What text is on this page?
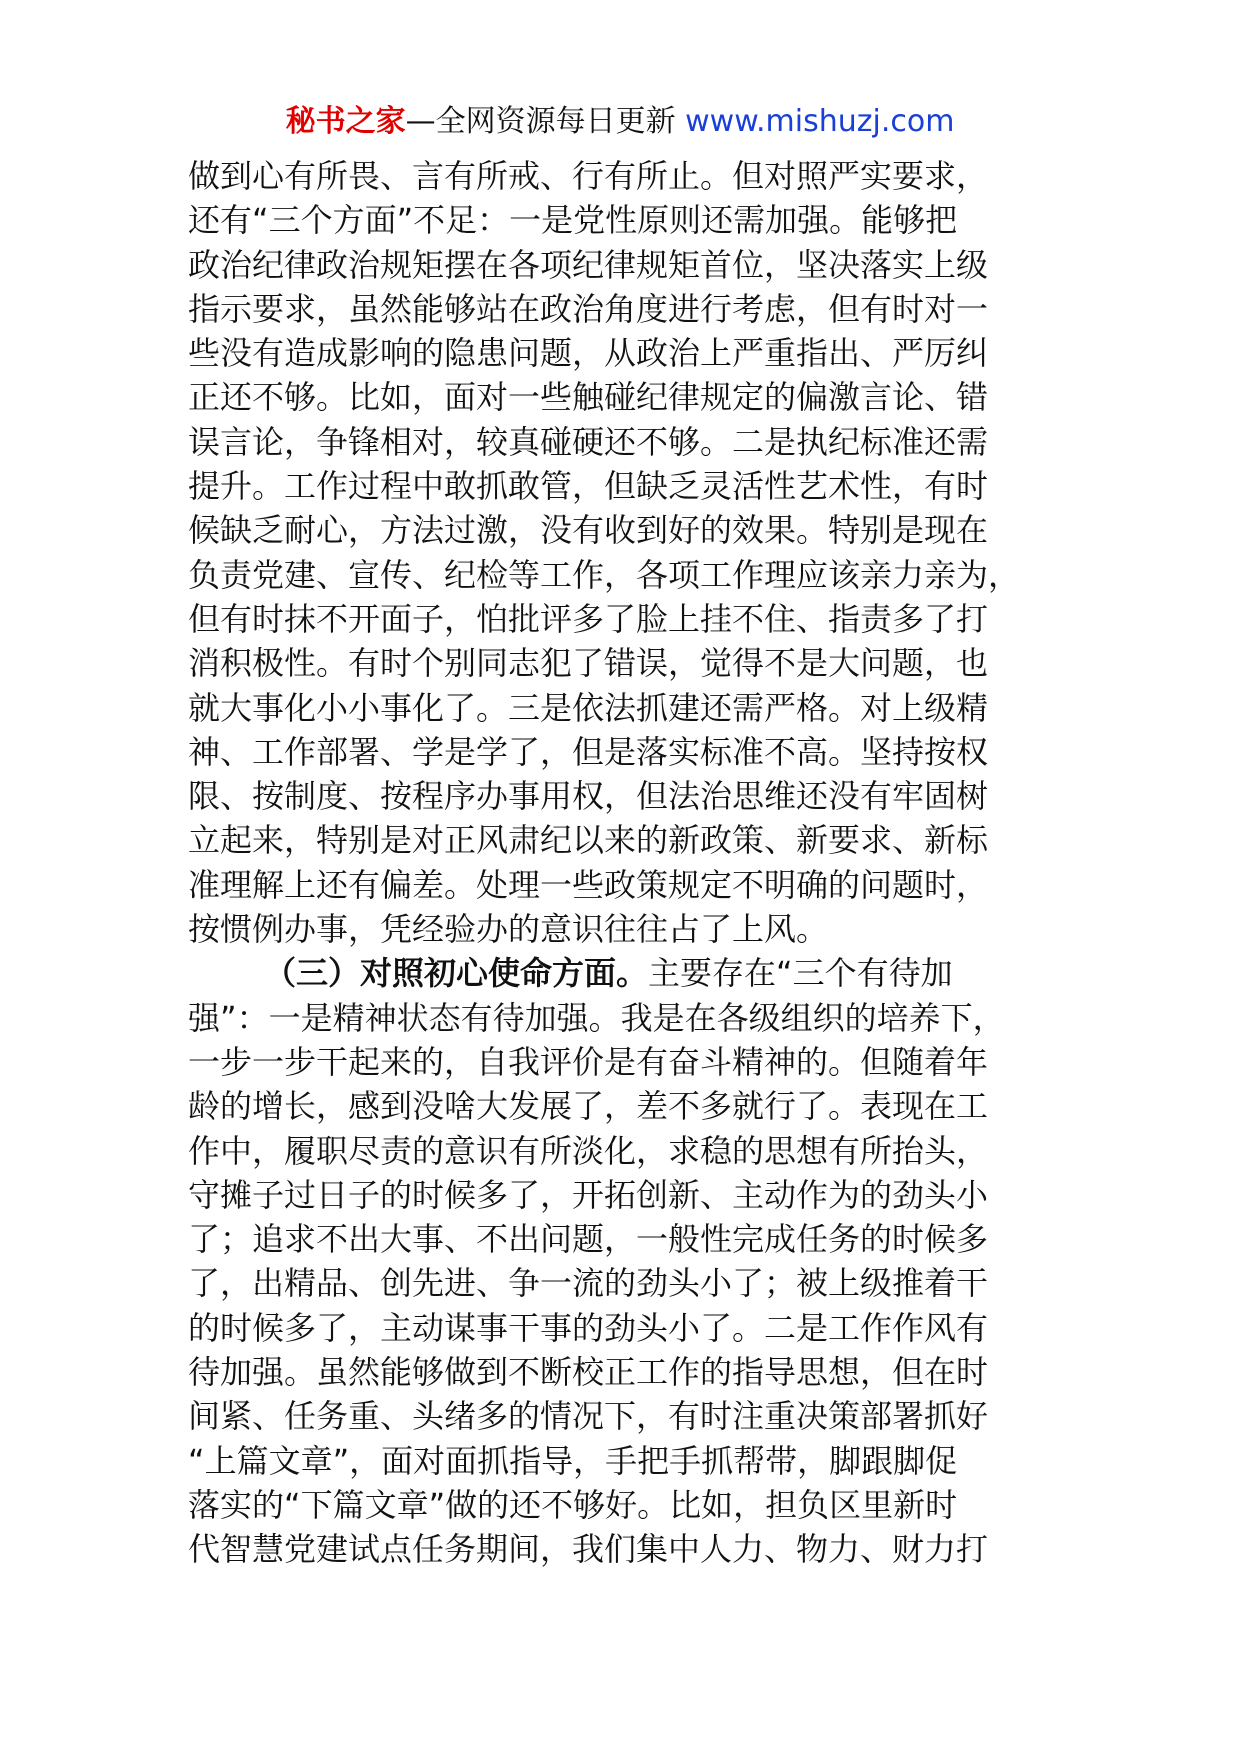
秘书之家—全网资源每日更新 www.mishuzj.com
做到心有所畏、言有所戒、行有所止。但对照严实要求，
还有“三个方面”不足：一是党性原则还需加强。能够把
政治纪律政治规矩摆在各项纪律规矩首位，坚决落实上级
指示要求，虽然能够站在政治角度进行考虑，但有时对一
些没有造成影响的隐患问题，从政治上严重指出、严厉纠
正还不够。比如，面对一些触碰纪律规定的偏激言论、错
误言论，争锋相对，较真碰硬还不够。二是执纪标准还需
提升。工作过程中敢抓敢管，但缺乏灵活性艺术性，有时
候缺乏耐心，方法过激，没有收到好的效果。特别是现在
负责党建、宣传、纪检等工作，各项工作理应该亲力亲为，
但有时抹不开面子，怕批评多了脸上挂不住、指责多了打
消积极性。有时个别同志犯了错误，觉得不是大问题，也
就大事化小小事化了。三是依法抓建还需严格。对上级精
神、工作部署、学是学了，但是落实标准不高。坚持按权
限、按制度、按程序办事用权，但法治思维还没有牢固树
立起来，特别是对正风肃纪以来的新政策、新要求、新标
准理解上还有偏差。处理一些政策规定不明确的问题时，
按惯例办事，凭经验办的意识往往占了上风。
（三）对照初心使命方面。主要存在“三个有待加
强”：一是精神状态有待加强。我是在各级组织的培养下，
一步一步干起来的，自我评价是有奋斗精神的。但随着年
龄的增长，感到没啥大发展了，差不多就行了。表现在工
作中，履职尽责的意识有所淡化，求稳的思想有所抬头，
守摊子过日子的时候多了，开拓创新、主动作为的劲头小
了；追求不出大事、不出问题，一般性完成任务的时候多
了，出精品、创先进、争一流的劲头小了；被上级推着干
的时候多了，主动谋事干事的劲头小了。二是工作作风有
待加强。虽然能够做到不断校正工作的指导思想，但在时
间紧、任务重、头绪多的情况下，有时注重决策部署抓好
“上篇文章”，面对面抓指导，手把手抓帮带，脚跟脚促
落实的“下篇文章”做的还不够好。比如，担负区里新时
代智慧党建试点任务期间，我们集中人力、物力、财力打
